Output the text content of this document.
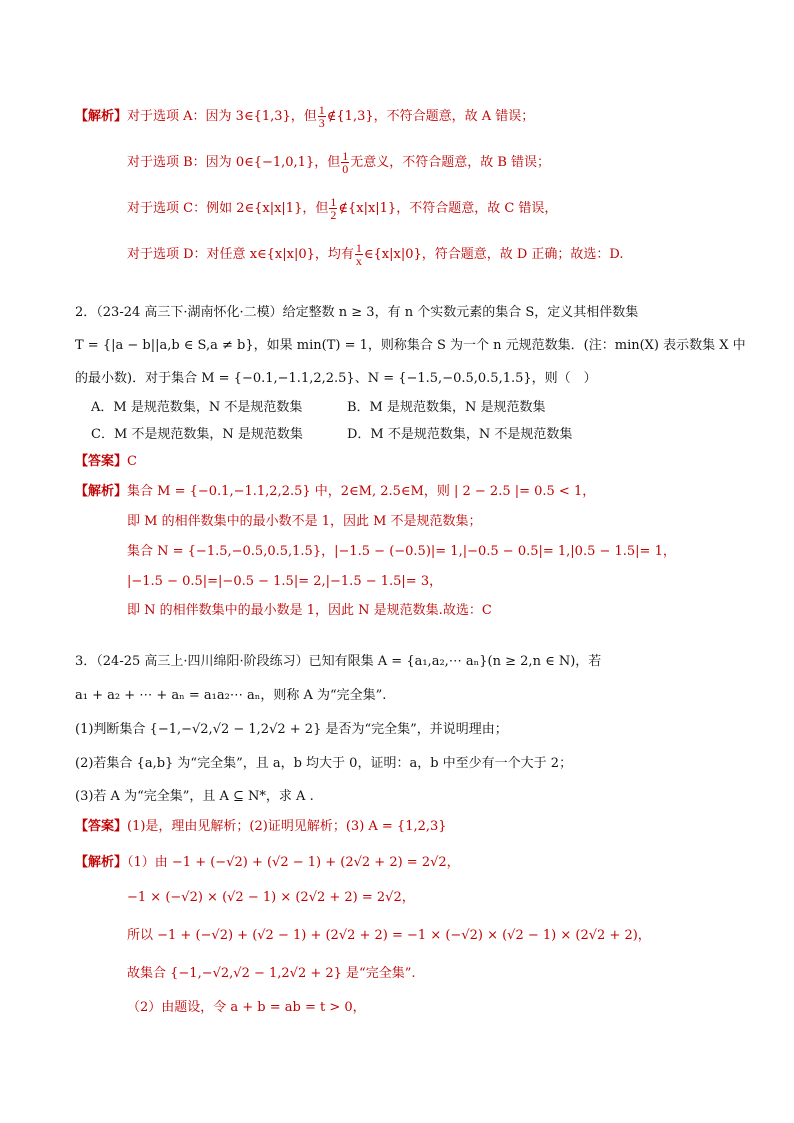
【解析】对于选项 A：因为 3∈{1,3}，但 $\frac{1}{3}$ ∉{1,3}，不符合题意，故 A 错误；
对于选项 B：因为 0∈{−1,0,1}，但 $\frac{1}{0}$ 无意义，不符合题意，故 B 错误；
对于选项 C：例如 2∈{x|x|1}，但 $\frac{1}{2}$ ∉{x|x|1}，不符合题意，故 C 错误，
对于选项 D：对任意 x∈{x|x|0}，均有 $\frac{1}{x}$ ∈{x|x|0}，符合题意，故 D 正确；故选：D.
2．（23-24 高三下·湖南怀化·二模）给定整数 n ≥ 3，有 n 个实数元素的集合 S，定义其相伴数集
T = {|a − b||a,b ∈ S,a ≠ b}，如果 min(T) = 1，则称集合 S 为一个 n 元规范数集．(注：min(X) 表示数集 X 中
的最小数)．对于集合 M = {−0.1,−1.1,2,2.5}、N = {−1.5,−0.5,0.5,1.5}，则（　）
A．M 是规范数集，N 不是规范数集	B．M 是规范数集，N 是规范数集
C．M 不是规范数集，N 是规范数集	D．M 不是规范数集，N 不是规范数集
【答案】C
【解析】集合 M = {−0.1,−1.1,2,2.5} 中，2∈M, 2.5∈M，则 | 2 − 2.5 |= 0.5 < 1，
即 M 的相伴数集中的最小数不是 1，因此 M 不是规范数集；
集合 N = {−1.5,−0.5,0.5,1.5}，|−1.5 − (−0.5)|= 1,|−0.5 − 0.5|= 1,|0.5 − 1.5|= 1，
|−1.5 − 0.5|=|−0.5 − 1.5|= 2,|−1.5 − 1.5|= 3，
即 N 的相伴数集中的最小数是 1，因此 N 是规范数集.故选：C
3．（24-25 高三上·四川绵阳·阶段练习）已知有限集 A = {a₁,a₂,⋯ aₙ}(n ≥ 2,n ∈ N)，若
a₁ + a₂ + ⋯ + aₙ = a₁a₂⋯ aₙ，则称 A 为“完全集”.
(1)判断集合 {−1,−√2,√2 − 1,2√2 + 2} 是否为“完全集”，并说明理由；
(2)若集合 {a,b} 为“完全集”，且 a，b 均大于 0，证明：a，b 中至少有一个大于 2；
(3)若 A 为“完全集”，且 A ⊆ N*，求 A .
【答案】(1)是，理由见解析；(2)证明见解析；(3) A = {1,2,3}
【解析】（1）由 −1 + (−√2) + (√2 − 1) + (2√2 + 2) = 2√2，
−1 × (−√2) × (√2 − 1) × (2√2 + 2) = 2√2，
所以 −1 + (−√2) + (√2 − 1) + (2√2 + 2) = −1 × (−√2) × (√2 − 1) × (2√2 + 2)，
故集合 {−1,−√2,√2 − 1,2√2 + 2} 是“完全集”.
（2）由题设，令 a + b = ab = t > 0，
